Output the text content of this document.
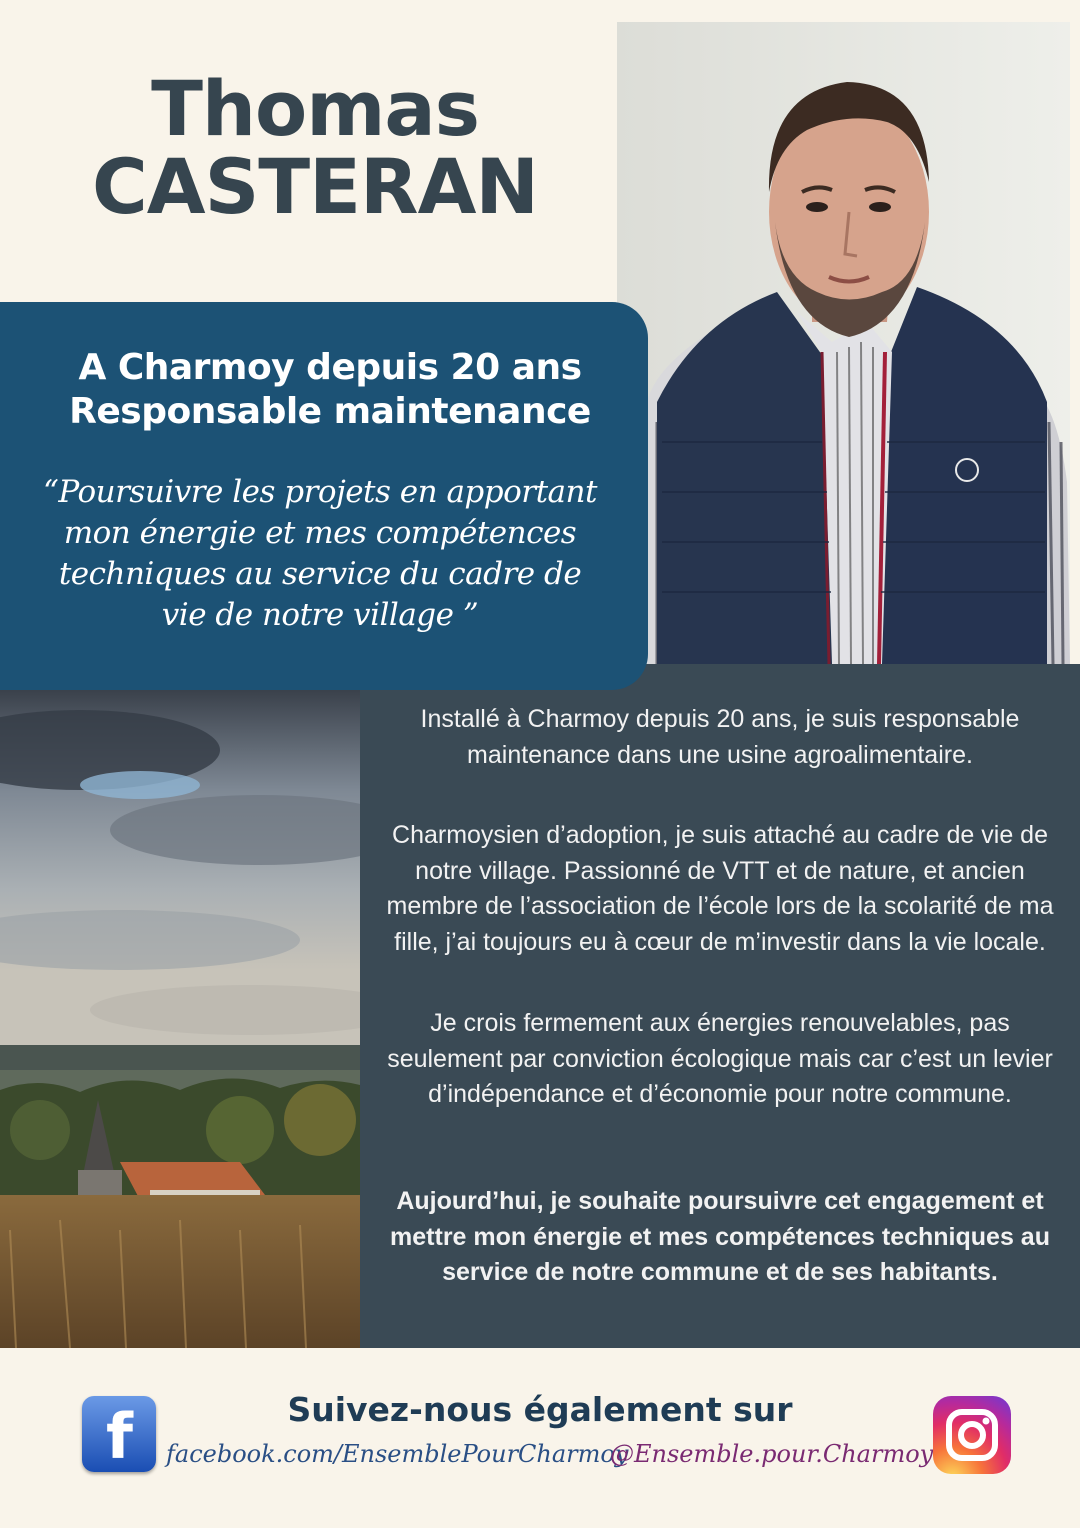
Thomas
CASTERAN
A Charmoy depuis 20 ans
Responsable maintenance
“Poursuivre les projets en apportant mon énergie et mes compétences techniques au service du cadre de vie de notre village ”

Installé à Charmoy depuis 20 ans, je suis responsable maintenance dans une usine agroalimentaire.

Charmoysien d’adoption, je suis attaché au cadre de vie de notre village. Passionné de VTT et de nature, et ancien membre de l’association de l’école lors de la scolarité de ma fille, j’ai toujours eu à cœur de m’investir dans la vie locale.

Je crois fermement aux énergies renouvelables, pas seulement par conviction écologique mais car c’est un levier d’indépendance et d’économie pour notre commune.

Aujourd’hui, je souhaite poursuivre cet engagement et mettre mon énergie et mes compétences techniques au service de notre commune et de ses habitants.

f	Suivez-nous également sur
facebook.com/EnsemblePourCharmoy
@Ensemble.pour.Charmoy
